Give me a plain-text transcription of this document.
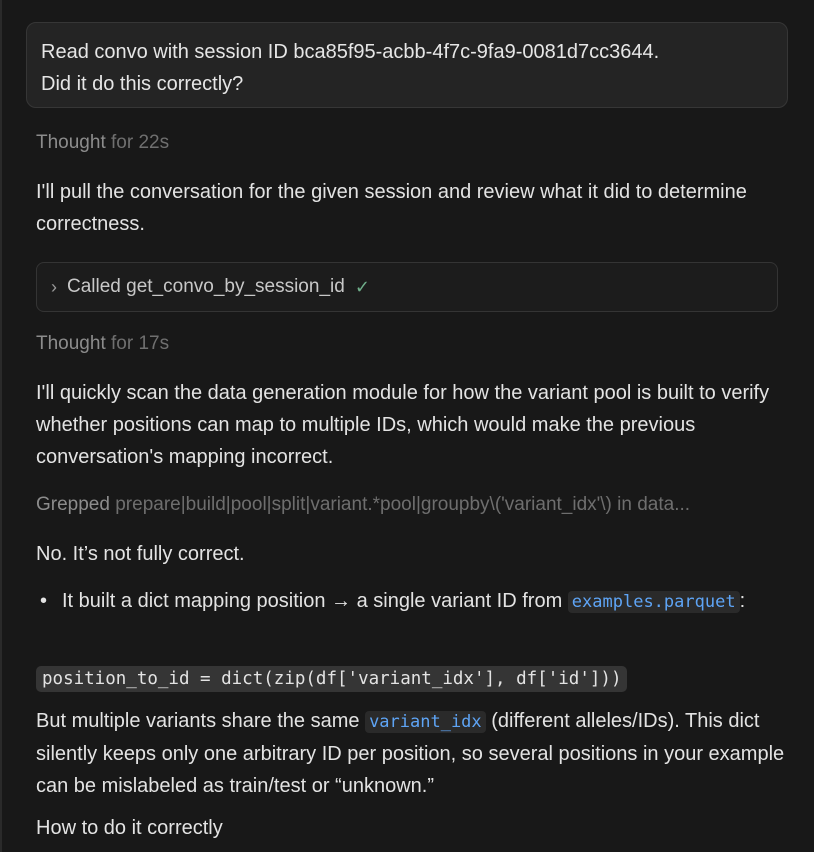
Read convo with session ID bca85f95-acbb-4f7c-9fa9-0081d7cc3644.
Did it do this correctly?
Thought for 22s
I'll pull the conversation for the given session and review what it did to determine correctness.
› Called get_convo_by_session_id ✓
Thought for 17s
I'll quickly scan the data generation module for how the variant pool is built to verify whether positions can map to multiple IDs, which would make the previous conversation's mapping incorrect.
Grepped prepare|build|pool|split|variant.*pool|groupby\('variant_idx'\) in data...
No. It’s not fully correct.
• It built a dict mapping position → a single variant ID from examples.parquet :
position_to_id = dict(zip(df['variant_idx'], df['id']))
But multiple variants share the same variant_idx (different alleles/IDs). This dict silently keeps only one arbitrary ID per position, so several positions in your example can be mislabeled as train/test or “unknown.”
How to do it correctly
